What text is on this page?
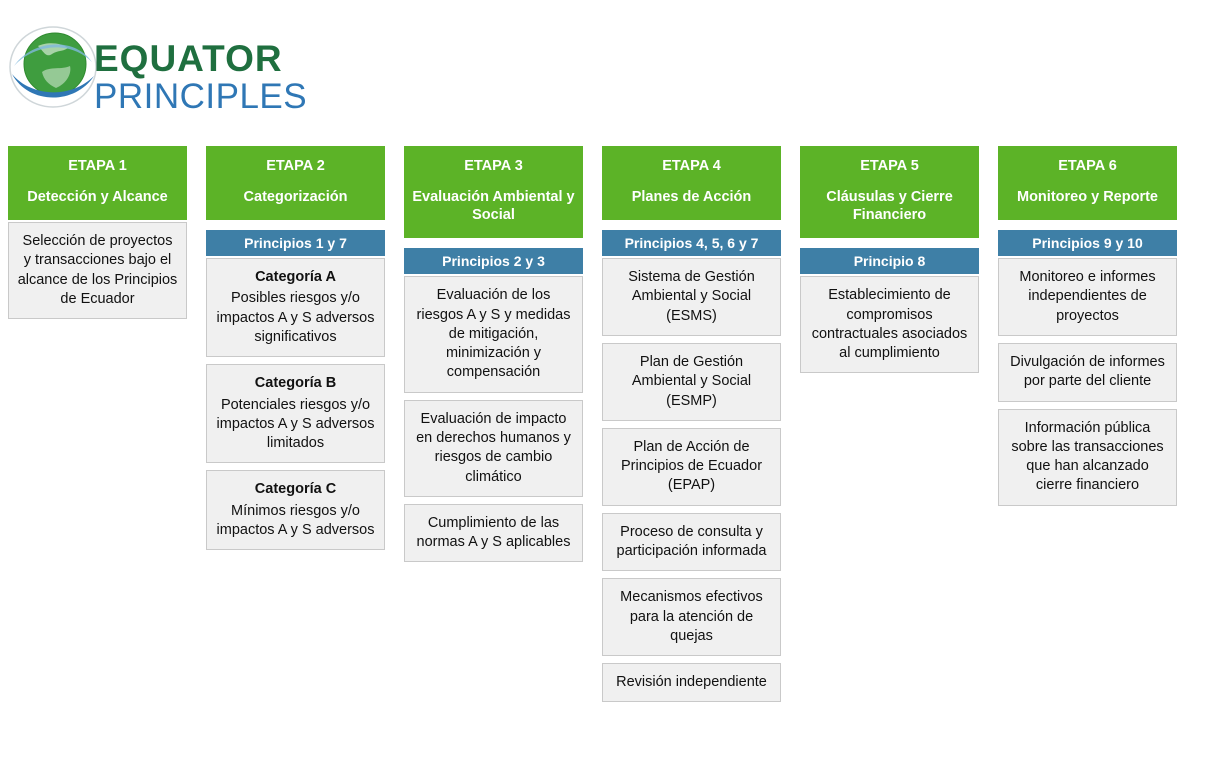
EQUATOR
PRINCIPLES
ETAPA 1
Detección y Alcance
Selección de proyectos y transacciones bajo el alcance de los Principios de Ecuador
ETAPA 2
Categorización
Principios 1 y 7
Categoría A
Posibles riesgos y/o impactos A y S adversos significativos
Categoría B
Potenciales riesgos y/o impactos A y S adversos limitados
Categoría C
Mínimos riesgos y/o impactos A y S adversos
ETAPA 3
Evaluación Ambiental y Social
Principios 2 y 3
Evaluación de los riesgos A y S y medidas de mitigación, minimización y compensación
Evaluación de impacto en derechos humanos y riesgos de cambio climático
Cumplimiento de las normas A y S aplicables
ETAPA 4
Planes de Acción
Principios 4, 5, 6 y 7
Sistema de Gestión Ambiental y Social (ESMS)
Plan de Gestión Ambiental y Social (ESMP)
Plan de Acción de Principios de Ecuador (EPAP)
Proceso de consulta y participación informada
Mecanismos efectivos para la atención de quejas
Revisión independiente
ETAPA 5
Cláusulas y Cierre Financiero
Principio 8
Establecimiento de compromisos contractuales asociados al cumplimiento
ETAPA 6
Monitoreo y Reporte
Principios 9 y 10
Monitoreo e informes independientes de proyectos
Divulgación de informes por parte del cliente
Información pública sobre las transacciones que han alcanzado cierre financiero
